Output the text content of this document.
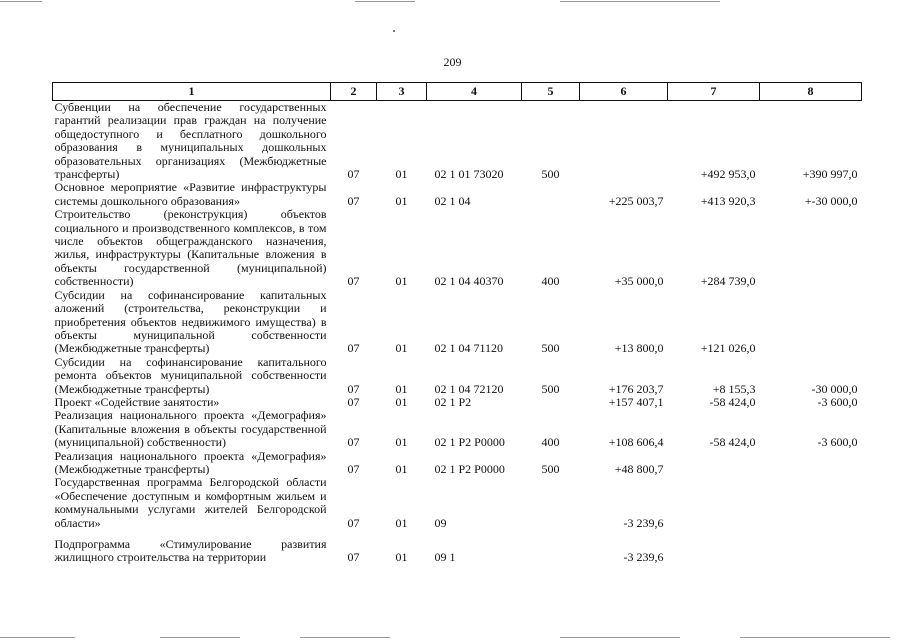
209
1	2	3	4	5	6	7	8
Субвенции на обеспечение государственных гарантий реализации прав граждан на получение общедоступного и бесплатного дошкольного образования в муниципальных дошкольных образовательных организациях (Межбюджетные трансферты)	07	01	02 1 01 73020	500		+492 953,0	+390 997,0
Основное мероприятие «Развитие инфраструктуры системы дошкольного образования»	07	01	02 1 04		+225 003,7	+413 920,3	+-30 000,0
Строительство (реконструкция) объектов социального и производственного комплексов, в том числе объектов общегражданского назначения, жилья, инфраструктуры (Капитальные вложения в объекты государственной (муниципальной) собственности)	07	01	02 1 04 40370	400	+35 000,0	+284 739,0	
Субсидии на софинансирование капитальных аложений (строительства, реконструкции и приобретения объектов недвижимого имущества) в объекты муниципальной собственности (Межбюджетные трансферты)	07	01	02 1 04 71120	500	+13 800,0	+121 026,0	
Субсидии на софинансирование капитального ремонта объектов муниципальной собственности (Межбюджетные трансферты)	07	01	02 1 04 72120	500	+176 203,7	+8 155,3	-30 000,0
Проект «Содействие занятости»	07	01	02 1 Р2		+157 407,1	-58 424,0	-3 600,0
Реализация национального проекта «Демография» (Капитальные вложения в объекты государственной (муниципальной) собственности)	07	01	02 1 Р2 Р0000	400	+108 606,4	-58 424,0	-3 600,0
Реализация национального проекта «Демография» (Межбюджетные трансферты)	07	01	02 1 Р2 Р0000	500	+48 800,7		
Государственная программа Белгородской области «Обеспечение доступным и комфортным жильем и коммунальными услугами жителей Белгородской области»	07	01	09		-3 239,6		
Подпрограмма «Стимулирование развития жилищного строительства на территории	07	01	09 1		-3 239,6		
